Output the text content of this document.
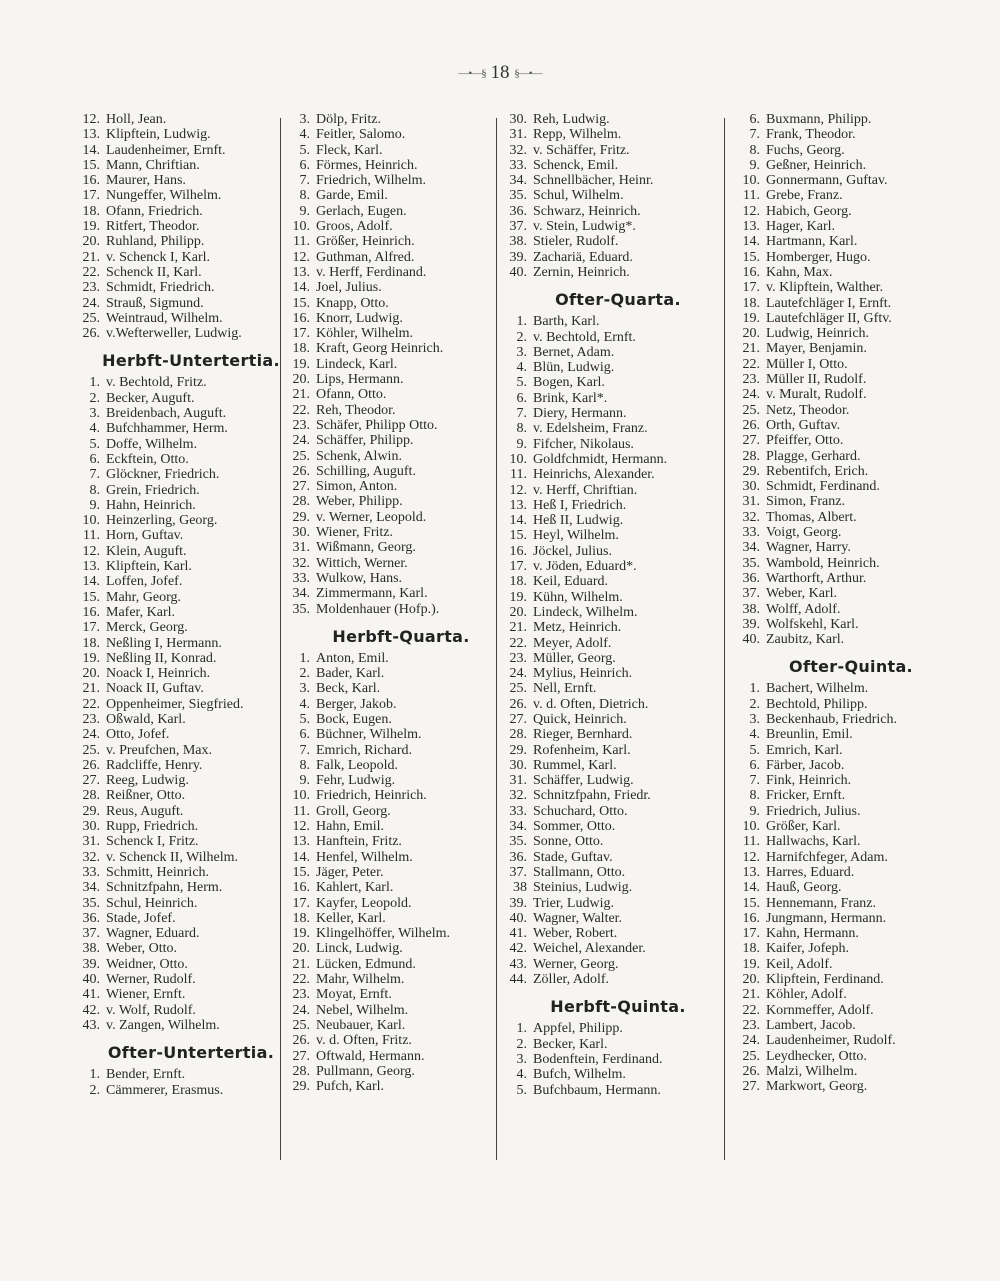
—•—§ 18 §—•—
12. Holl, Jean.
13. Klipftein, Ludwig.
14. Laudenheimer, Ernft.
15. Mann, Chriftian.
16. Maurer, Hans.
17. Nungeffer, Wilhelm.
18. Ofann, Friedrich.
19. Ritfert, Theodor.
20. Ruhland, Philipp.
21. v. Schenck I, Karl.
22. Schenck II, Karl.
23. Schmidt, Friedrich.
24. Strauß, Sigmund.
25. Weintraud, Wilhelm.
26. v.Wefterweller, Ludwig.
Herbft-Untertertia.
1. v. Bechtold, Fritz.
2. Becker, Auguft.
3. Breidenbach, Auguft.
4. Bufchhammer, Herm.
5. Doffe, Wilhelm.
6. Eckftein, Otto.
7. Glöckner, Friedrich.
8. Grein, Friedrich.
9. Hahn, Heinrich.
10. Heinzerling, Georg.
11. Horn, Guftav.
12. Klein, Auguft.
13. Klipftein, Karl.
14. Loffen, Jofef.
15. Mahr, Georg.
16. Mafer, Karl.
17. Merck, Georg.
18. Neßling I, Hermann.
19. Neßling II, Konrad.
20. Noack I, Heinrich.
21. Noack II, Guftav.
22. Oppenheimer, Siegfried.
23. Oßwald, Karl.
24. Otto, Jofef.
25. v. Preufchen, Max.
26. Radcliffe, Henry.
27. Reeg, Ludwig.
28. Reißner, Otto.
29. Reus, Auguft.
30. Rupp, Friedrich.
31. Schenck I, Fritz.
32. v. Schenck II, Wilhelm.
33. Schmitt, Heinrich.
34. Schnitzfpahn, Herm.
35. Schul, Heinrich.
36. Stade, Jofef.
37. Wagner, Eduard.
38. Weber, Otto.
39. Weidner, Otto.
40. Werner, Rudolf.
41. Wiener, Ernft.
42. v. Wolf, Rudolf.
43. v. Zangen, Wilhelm.
Ofter-Untertertia.
1. Bender, Ernft.
2. Cämmerer, Erasmus.
3. Dölp, Fritz.
4. Feitler, Salomo.
5. Fleck, Karl.
6. Förmes, Heinrich.
7. Friedrich, Wilhelm.
8. Garde, Emil.
9. Gerlach, Eugen.
10. Groos, Adolf.
11. Größer, Heinrich.
12. Guthman, Alfred.
13. v. Herff, Ferdinand.
14. Joel, Julius.
15. Knapp, Otto.
16. Knorr, Ludwig.
17. Köhler, Wilhelm.
18. Kraft, Georg Heinrich.
19. Lindeck, Karl.
20. Lips, Hermann.
21. Ofann, Otto.
22. Reh, Theodor.
23. Schäfer, Philipp Otto.
24. Schäffer, Philipp.
25. Schenk, Alwin.
26. Schilling, Auguft.
27. Simon, Anton.
28. Weber, Philipp.
29. v. Werner, Leopold.
30. Wiener, Fritz.
31. Wißmann, Georg.
32. Wittich, Werner.
33. Wulkow, Hans.
34. Zimmermann, Karl.
35. Moldenhauer (Hofp.).
Herbft-Quarta.
1. Anton, Emil.
2. Bader, Karl.
3. Beck, Karl.
4. Berger, Jakob.
5. Bock, Eugen.
6. Büchner, Wilhelm.
7. Emrich, Richard.
8. Falk, Leopold.
9. Fehr, Ludwig.
10. Friedrich, Heinrich.
11. Groll, Georg.
12. Hahn, Emil.
13. Hanftein, Fritz.
14. Henfel, Wilhelm.
15. Jäger, Peter.
16. Kahlert, Karl.
17. Kayfer, Leopold.
18. Keller, Karl.
19. Klingelhöffer, Wilhelm.
20. Linck, Ludwig.
21. Lücken, Edmund.
22. Mahr, Wilhelm.
23. Moyat, Ernft.
24. Nebel, Wilhelm.
25. Neubauer, Karl.
26. v. d. Often, Fritz.
27. Oftwald, Hermann.
28. Pullmann, Georg.
29. Pufch, Karl.
30. Reh, Ludwig.
31. Repp, Wilhelm.
32. v. Schäffer, Fritz.
33. Schenck, Emil.
34. Schnellbächer, Heinr.
35. Schul, Wilhelm.
36. Schwarz, Heinrich.
37. v. Stein, Ludwig*.
38. Stieler, Rudolf.
39. Zachariä, Eduard.
40. Zernin, Heinrich.
Ofter-Quarta.
1. Barth, Karl.
2. v. Bechtold, Ernft.
3. Bernet, Adam.
4. Blün, Ludwig.
5. Bogen, Karl.
6. Brink, Karl*.
7. Diery, Hermann.
8. v. Edelsheim, Franz.
9. Fifcher, Nikolaus.
10. Goldfchmidt, Hermann.
11. Heinrichs, Alexander.
12. v. Herff, Chriftian.
13. Heß I, Friedrich.
14. Heß II, Ludwig.
15. Heyl, Wilhelm.
16. Jöckel, Julius.
17. v. Jöden, Eduard*.
18. Keil, Eduard.
19. Kühn, Wilhelm.
20. Lindeck, Wilhelm.
21. Metz, Heinrich.
22. Meyer, Adolf.
23. Müller, Georg.
24. Mylius, Heinrich.
25. Nell, Ernft.
26. v. d. Often, Dietrich.
27. Quick, Heinrich.
28. Rieger, Bernhard.
29. Rofenheim, Karl.
30. Rummel, Karl.
31. Schäffer, Ludwig.
32. Schnitzfpahn, Friedr.
33. Schuchard, Otto.
34. Sommer, Otto.
35. Sonne, Otto.
36. Stade, Guftav.
37. Stallmann, Otto.
38 Steinius, Ludwig.
39. Trier, Ludwig.
40. Wagner, Walter.
41. Weber, Robert.
42. Weichel, Alexander.
43. Werner, Georg.
44. Zöller, Adolf.
Herbft-Quinta.
1. Appfel, Philipp.
2. Becker, Karl.
3. Bodenftein, Ferdinand.
4. Bufch, Wilhelm.
5. Bufchbaum, Hermann.
6. Buxmann, Philipp.
7. Frank, Theodor.
8. Fuchs, Georg.
9. Geßner, Heinrich.
10. Gonnermann, Guftav.
11. Grebe, Franz.
12. Habich, Georg.
13. Hager, Karl.
14. Hartmann, Karl.
15. Homberger, Hugo.
16. Kahn, Max.
17. v. Klipftein, Walther.
18. Lautefchläger I, Ernft.
19. Lautefchläger II, Gftv.
20. Ludwig, Heinrich.
21. Mayer, Benjamin.
22. Müller I, Otto.
23. Müller II, Rudolf.
24. v. Muralt, Rudolf.
25. Netz, Theodor.
26. Orth, Guftav.
27. Pfeiffer, Otto.
28. Plagge, Gerhard.
29. Rebentifch, Erich.
30. Schmidt, Ferdinand.
31. Simon, Franz.
32. Thomas, Albert.
33. Voigt, Georg.
34. Wagner, Harry.
35. Wambold, Heinrich.
36. Warthorft, Arthur.
37. Weber, Karl.
38. Wolff, Adolf.
39. Wolfskehl, Karl.
40. Zaubitz, Karl.
Ofter-Quinta.
1. Bachert, Wilhelm.
2. Bechtold, Philipp.
3. Beckenhaub, Friedrich.
4. Breunlin, Emil.
5. Emrich, Karl.
6. Färber, Jacob.
7. Fink, Heinrich.
8. Fricker, Ernft.
9. Friedrich, Julius.
10. Größer, Karl.
11. Hallwachs, Karl.
12. Harnifchfeger, Adam.
13. Harres, Eduard.
14. Hauß, Georg.
15. Hennemann, Franz.
16. Jungmann, Hermann.
17. Kahn, Hermann.
18. Kaifer, Jofeph.
19. Keil, Adolf.
20. Klipftein, Ferdinand.
21. Köhler, Adolf.
22. Kornmeffer, Adolf.
23. Lambert, Jacob.
24. Laudenheimer, Rudolf.
25. Leydhecker, Otto.
26. Malzi, Wilhelm.
27. Markwort, Georg.
